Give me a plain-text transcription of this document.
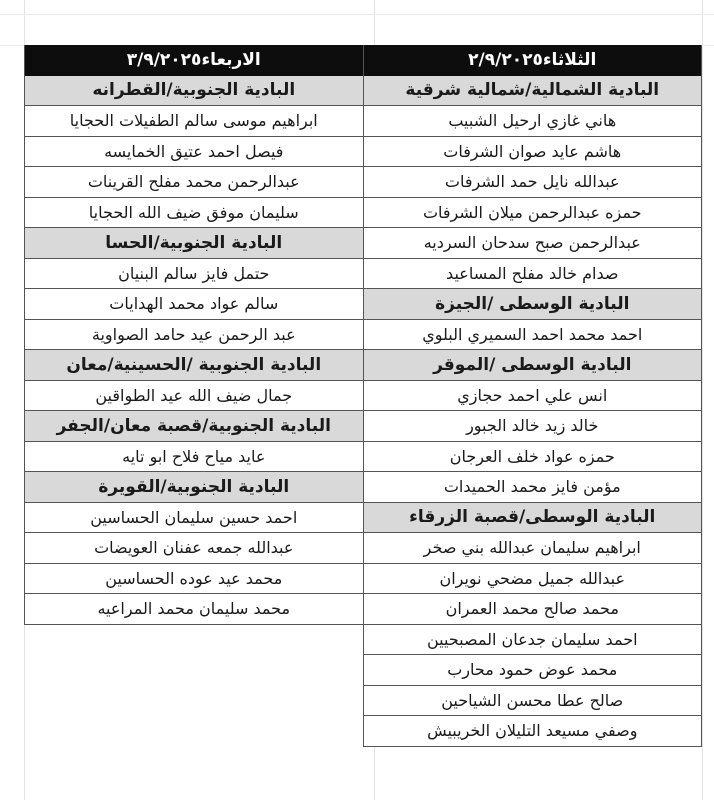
الثلاثاء٢/٩/٢٠٢٥
البادية الشمالية/شمالية شرقية
هاني غازي ارحيل الشبيب
هاشم عايد صوان الشرفات
عبدالله نايل حمد الشرفات
حمزه عبدالرحمن ميلان الشرفات
عبدالرحمن صبح سدحان السرديه
صدام خالد مفلح المساعيد
البادية الوسطى /الجيزة
احمد محمد احمد السميري البلوي
البادية الوسطى /الموقر
انس علي احمد حجازي
خالد زيد خالد الجبور
حمزه عواد خلف العرجان
مؤمن فايز محمد الحميدات
البادية الوسطى/قصبة الزرقاء
ابراهيم سليمان عبدالله بني صخر
عبدالله جميل مضحي نويران
محمد صالح محمد العمران
احمد سليمان جدعان المصبحيين
محمد عوض حمود محارب
صالح عطا محسن الشياحين
وصفي مسيعد التليلان الخريبيش
الاربعاء٣/٩/٢٠٢٥
البادية الجنوبية/القطرانه
ابراهيم موسى سالم الطفيلات الحجايا
فيصل احمد عتيق الخمايسه
عبدالرحمن محمد مفلح القرينات
سليمان موفق ضيف الله الحجايا
البادية الجنوبية/الحسا
حتمل فايز سالم البنيان
سالم عواد محمد الهدايات
عبد الرحمن عيد حامد الصواوية
البادية الجنوبية /الحسينية/معان
جمال ضيف الله عيد الطواقين
البادية الجنوبية/قصبة معان/الجفر
عايد مياح فلاح ابو تايه
البادية الجنوبية/القويرة
احمد حسين سليمان الحساسين
عبدالله جمعه عفنان العويضات
محمد عيد عوده الحساسين
محمد سليمان محمد المراعيه
